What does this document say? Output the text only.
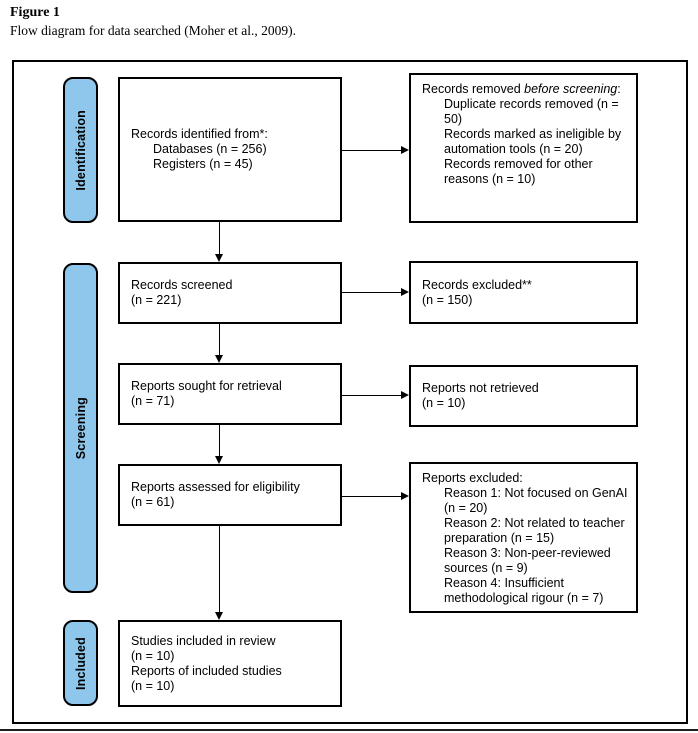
Figure 1
Flow diagram for data searched (Moher et al., 2009).
Identification
Screening
Included
Records identified from*:
Databases (n = 256)
Registers (n = 45)
Records screened
(n = 221)
Reports sought for retrieval
(n = 71)
Reports assessed for eligibility
(n = 61)
Studies included in review
(n = 10)
Reports of included studies
(n = 10)
Records removed before screening:
Duplicate records removed (n = 50)
Records marked as ineligible by automation tools (n = 20)
Records removed for other reasons (n = 10)
Records excluded**
(n = 150)
Reports not retrieved
(n = 10)
Reports excluded:
Reason 1: Not focused on GenAI (n = 20)
Reason 2: Not related to teacher preparation (n = 15)
Reason 3: Non-peer-reviewed sources (n = 9)
Reason 4: Insufficient methodological rigour (n = 7)
